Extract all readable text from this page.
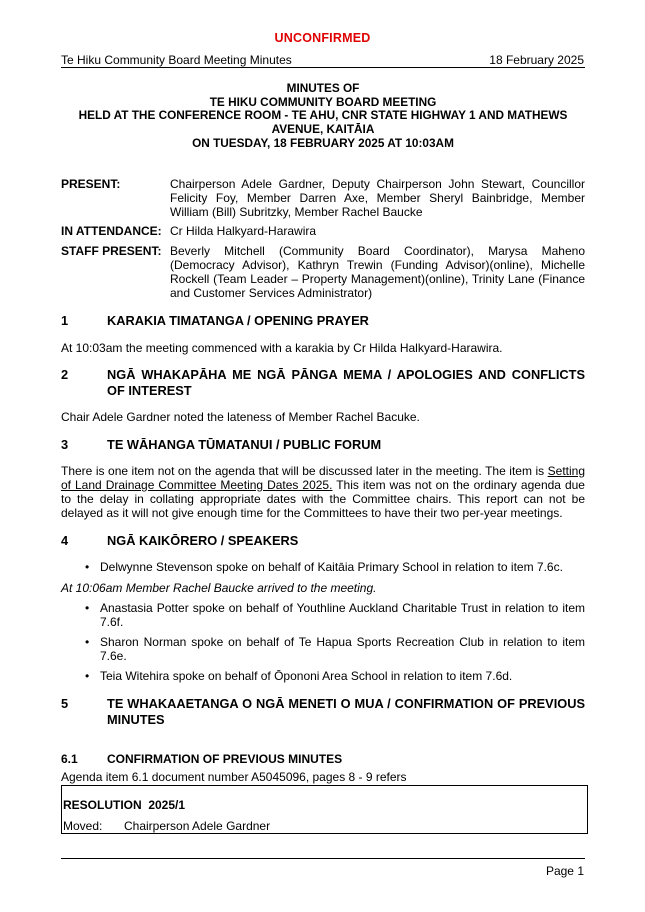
UNCONFIRMED
Te Hiku Community Board Meeting Minutes	18 February 2025
MINUTES OF
TE HIKU COMMUNITY BOARD MEETING
HELD AT THE CONFERENCE ROOM - TE AHU, CNR STATE HIGHWAY 1 AND MATHEWS
AVENUE, KAITĀIA
ON TUESDAY, 18 FEBRUARY 2025 AT 10:03AM
PRESENT:	Chairperson Adele Gardner, Deputy Chairperson John Stewart, Councillor Felicity Foy, Member Darren Axe, Member Sheryl Bainbridge, Member William (Bill) Subritzky, Member Rachel Baucke
IN ATTENDANCE: Cr Hilda Halkyard-Harawira
STAFF PRESENT: Beverly Mitchell (Community Board Coordinator), Marysa Maheno (Democracy Advisor), Kathryn Trewin (Funding Advisor)(online), Michelle Rockell (Team Leader – Property Management)(online), Trinity Lane (Finance and Customer Services Administrator)
1	KARAKIA TIMATANGA / OPENING PRAYER
At 10:03am the meeting commenced with a karakia by Cr Hilda Halkyard-Harawira.
2	NGĀ WHAKAPĀHA ME NGĀ PĀNGA MEMA / APOLOGIES AND CONFLICTS OF INTEREST
Chair Adele Gardner noted the lateness of Member Rachel Bacuke.
3	TE WĀHANGA TŪMATANUI / PUBLIC FORUM
There is one item not on the agenda that will be discussed later in the meeting. The item is Setting of Land Drainage Committee Meeting Dates 2025. This item was not on the ordinary agenda due to the delay in collating appropriate dates with the Committee chairs. This report can not be delayed as it will not give enough time for the Committees to have their two per-year meetings.
4	NGĀ KAIKŌRERO / SPEAKERS
• Delwynne Stevenson spoke on behalf of Kaitāia Primary School in relation to item 7.6c.
At 10:06am Member Rachel Baucke arrived to the meeting.
• Anastasia Potter spoke on behalf of Youthline Auckland Charitable Trust in relation to item 7.6f.
• Sharon Norman spoke on behalf of Te Hapua Sports Recreation Club in relation to item 7.6e.
• Teia Witehira spoke on behalf of Ōpononi Area School in relation to item 7.6d.
5	TE WHAKAAETANGA O NGĀ MENETI O MUA / CONFIRMATION OF PREVIOUS MINUTES
6.1 CONFIRMATION OF PREVIOUS MINUTES
Agenda item 6.1 document number A5045096, pages 8 - 9 refers
RESOLUTION  2025/1
Moved: Chairperson Adele Gardner
Page 1
